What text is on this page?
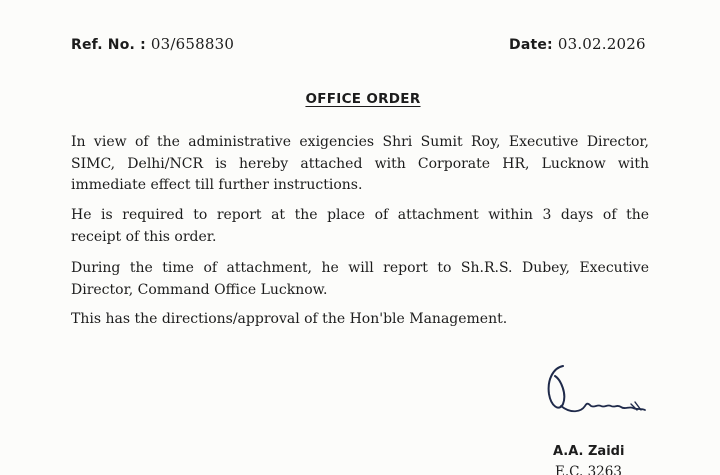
Ref. No. : 03/658830	Date: 03.02.2026
OFFICE ORDER
In view of the administrative exigencies Shri Sumit Roy, Executive Director,
SIMC, Delhi/NCR is hereby attached with Corporate HR, Lucknow with
immediate effect till further instructions.
He is required to report at the place of attachment within 3 days of the
receipt of this order.
During the time of attachment, he will report to Sh.R.S. Dubey, Executive
Director, Command Office Lucknow.
This has the directions/approval of the Hon'ble Management.
A.A. Zaidi
E.C. 3263
